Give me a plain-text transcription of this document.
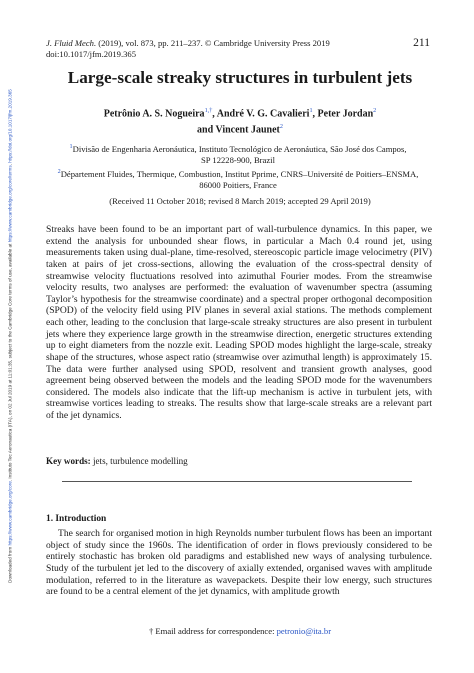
Downloaded from https://www.cambridge.org/core. Instituto Tec Aeronautica (ITA), on 02 Jul 2019 at 11:01:35, subject to the Cambridge Core terms of use, available at https://www.cambridge.org/core/terms. https://doi.org/10.1017/jfm.2019.365
J. Fluid Mech. (2019), vol. 873, pp. 211–237. © Cambridge University Press 2019
doi:10.1017/jfm.2019.365
211
Large-scale streaky structures in turbulent jets
Petrônio A. S. Nogueira$^{1,\dagger}$, André V. G. Cavalieri$^1$, Peter Jordan$^2$
and Vincent Jaunet$^2$
$^1$Divisão de Engenharia Aeronáutica, Instituto Tecnológico de Aeronáutica, São José dos Campos,
SP 12228-900, Brazil
$^2$Département Fluides, Thermique, Combustion, Institut Pprime, CNRS–Université de Poitiers–ENSMA,
86000 Poitiers, France
(Received 11 October 2018; revised 8 March 2019; accepted 29 April 2019)

Streaks have been found to be an important part of wall-turbulence dynamics. In this paper, we extend the analysis for unbounded shear flows, in particular a Mach 0.4 round jet, using measurements taken using dual-plane, time-resolved, stereoscopic particle image velocimetry (PIV) taken at pairs of jet cross-sections, allowing the evaluation of the cross-spectral density of streamwise velocity fluctuations resolved into azimuthal Fourier modes. From the streamwise velocity results, two analyses are performed: the evaluation of wavenumber spectra (assuming Taylor’s hypothesis for the streamwise coordinate) and a spectral proper orthogonal decomposition (SPOD) of the velocity field using PIV planes in several axial stations. The methods complement each other, leading to the conclusion that large-scale streaky structures are also present in turbulent jets where they experience large growth in the streamwise direction, energetic structures extending up to eight diameters from the nozzle exit. Leading SPOD modes highlight the large-scale, streaky shape of the structures, whose aspect ratio (streamwise over azimuthal length) is approximately 15. The data were further analysed using SPOD, resolvent and transient growth analyses, good agreement being observed between the models and the leading SPOD mode for the wavenumbers considered. The models also indicate that the lift-up mechanism is active in turbulent jets, with streamwise vortices leading to streaks. The results show that large-scale streaks are a relevant part of the jet dynamics.

Key words: jets, turbulence modelling
1. Introduction

The search for organised motion in high Reynolds number turbulent flows has been an important object of study since the 1960s. The identification of order in flows previously considered to be entirely stochastic has broken old paradigms and established new ways of analysing turbulence. Study of the turbulent jet led to the discovery of axially extended, organised waves with amplitude modulation, referred to in the literature as wavepackets. Despite their low energy, such structures are found to be a central element of the jet dynamics, with amplitude growth

† Email address for correspondence: petronio@ita.br
